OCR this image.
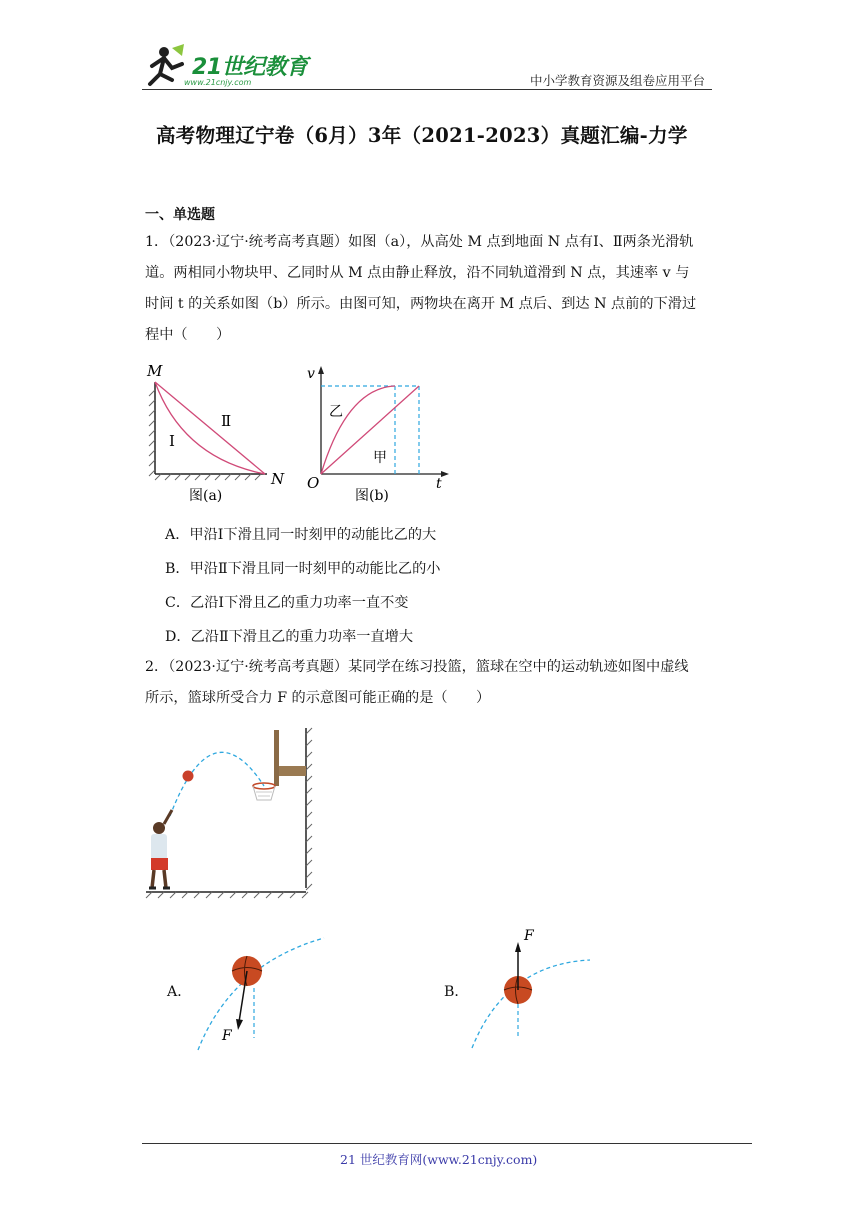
21世纪教育
www.21cnjy.com	中小学教育资源及组卷应用平台
高考物理辽宁卷（6月）3年（2021-2023）真题汇编-力学
一、单选题
1．（2023·辽宁·统考高考真题）如图（a），从高处 M 点到地面 N 点有Ⅰ、Ⅱ两条光滑轨
道。两相同小物块甲、乙同时从 M 点由静止释放，沿不同轨道滑到 N 点，其速率 v 与
时间 t 的关系如图（b）所示。由图可知，两物块在离开 M 点后、到达 N 点前的下滑过
程中（　　）
M
I
Ⅱ
N
图(a)
v
t
O
乙
甲
图(b)
A．甲沿Ⅰ下滑且同一时刻甲的动能比乙的大
B．甲沿Ⅱ下滑且同一时刻甲的动能比乙的小
C．乙沿Ⅰ下滑且乙的重力功率一直不变
D．乙沿Ⅱ下滑且乙的重力功率一直增大
2．（2023·辽宁·统考高考真题）某同学在练习投篮，篮球在空中的运动轨迹如图中虚线
所示，篮球所受合力 F 的示意图可能正确的是（　　）
A．
F
B．
F
21 世纪教育网(www.21cnjy.com)
